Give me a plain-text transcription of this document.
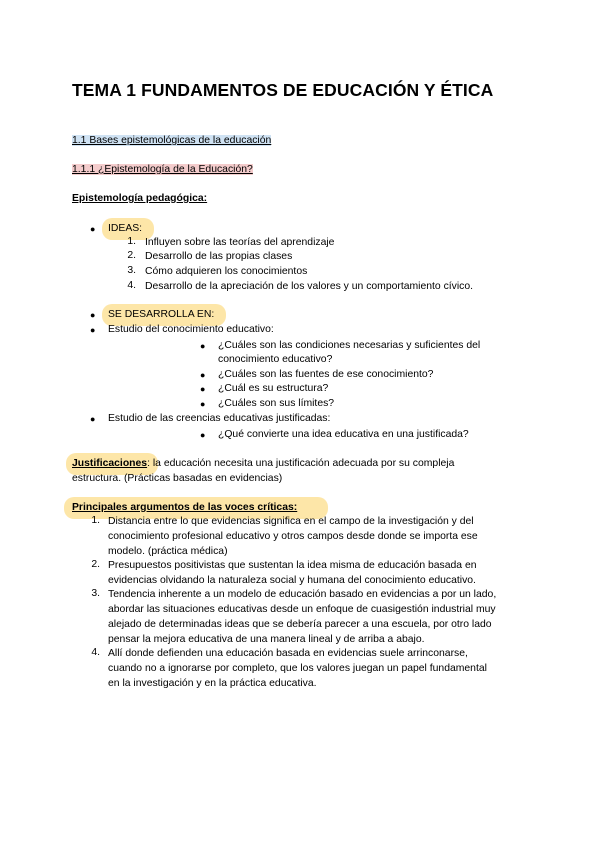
TEMA 1 FUNDAMENTOS DE EDUCACIÓN Y ÉTICA
1.1 Bases epistemológicas de la educación
1.1.1 ¿Epistemología de la Educación?
Epistemología pedagógica:
● IDEAS:
1. Influyen sobre las teorías del aprendizaje
2. Desarrollo de las propias clases
3. Cómo adquieren los conocimientos
4. Desarrollo de la apreciación de los valores y un comportamiento cívico.
● SE DESARROLLA EN:
● Estudio del conocimiento educativo:
● ¿Cuáles son las condiciones necesarias y suficientes del
conocimiento educativo?
● ¿Cuáles son las fuentes de ese conocimiento?
● ¿Cuál es su estructura?
● ¿Cuáles son sus límites?
● Estudio de las creencias educativas justificadas:
● ¿Qué convierte una idea educativa en una justificada?
Justificaciones: la educación necesita una justificación adecuada por su compleja
estructura. (Prácticas basadas en evidencias)
Principales argumentos de las voces críticas:
1. Distancia entre lo que evidencias significa en el campo de la investigación y del
conocimiento profesional educativo y otros campos desde donde se importa ese
modelo. (práctica médica)
2. Presupuestos positivistas que sustentan la idea misma de educación basada en
evidencias olvidando la naturaleza social y humana del conocimiento educativo.
3. Tendencia inherente a un modelo de educación basado en evidencias a por un lado,
abordar las situaciones educativas desde un enfoque de cuasigestión industrial muy
alejado de determinadas ideas que se debería parecer a una escuela, por otro lado
pensar la mejora educativa de una manera lineal y de arriba a abajo.
4. Allí donde defienden una educación basada en evidencias suele arrinconarse,
cuando no a ignorarse por completo, que los valores juegan un papel fundamental
en la investigación y en la práctica educativa.
